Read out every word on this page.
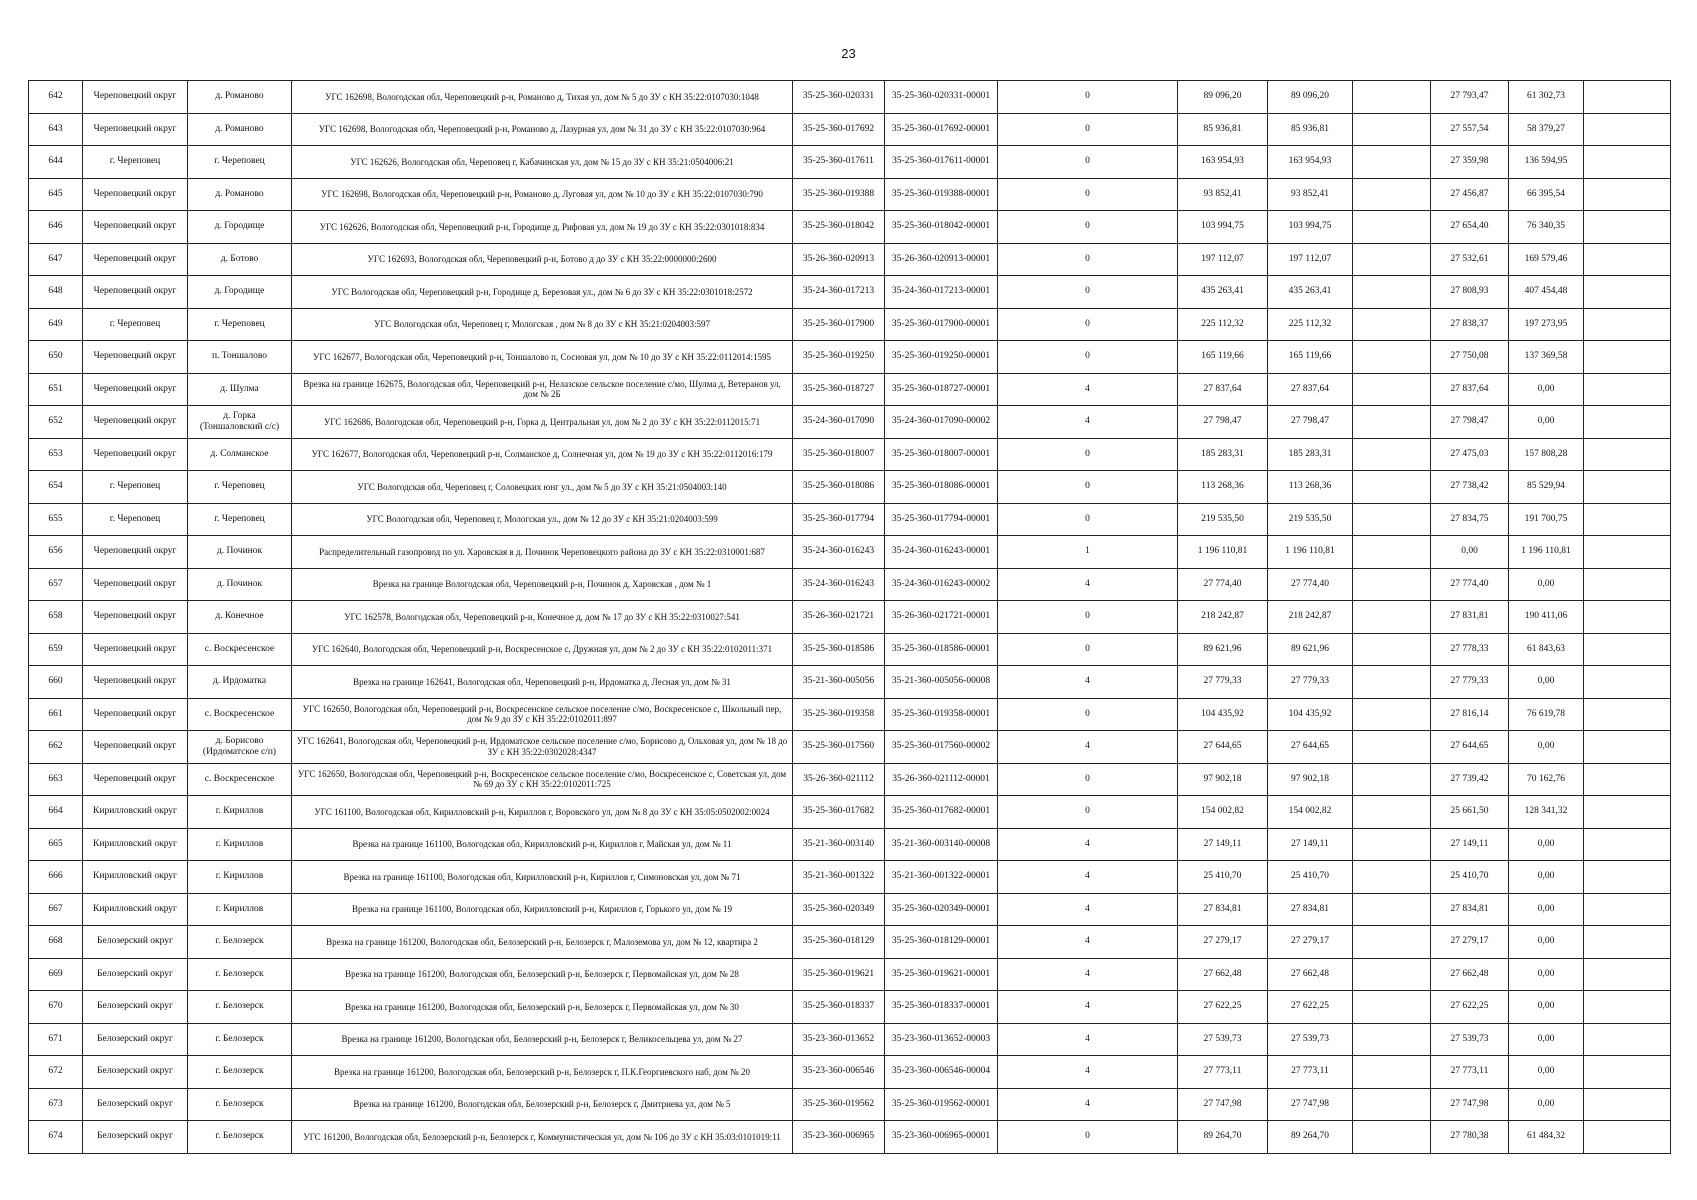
23
642	Череповецкий округ	д. Романово	УГС 162698, Вологодская обл, Череповецкий р-н, Романово д, Тихая ул, дом № 5 до ЗУ с КН 35:22:0107030:1048	35-25-360-020331	35-25-360-020331-00001	0	89 096,20	89 096,20		27 793,47	61 302,73	
643	Череповецкий округ	д. Романово	УГС 162698, Вологодская обл, Череповецкий р-н, Романово д, Лазурная ул, дом № 31 до ЗУ с КН 35:22:0107030:964	35-25-360-017692	35-25-360-017692-00001	0	85 936,81	85 936,81		27 557,54	58 379,27	
644	г. Череповец	г. Череповец	УГС 162626, Вологодская обл, Череповец г, Кабачинская ул, дом № 15 до ЗУ с КН 35:21:0504006:21	35-25-360-017611	35-25-360-017611-00001	0	163 954,93	163 954,93		27 359,98	136 594,95	
645	Череповецкий округ	д. Романово	УГС 162698, Вологодская обл, Череповецкий р-н, Романово д, Луговая ул, дом № 10 до ЗУ с КН 35:22:0107030:790	35-25-360-019388	35-25-360-019388-00001	0	93 852,41	93 852,41		27 456,87	66 395,54	
646	Череповецкий округ	д. Городище	УГС 162626, Вологодская обл, Череповецкий р-н, Городище д, Рифовая ул, дом № 19 до ЗУ с КН 35:22:0301018:834	35-25-360-018042	35-25-360-018042-00001	0	103 994,75	103 994,75		27 654,40	76 340,35	
647	Череповецкий округ	д. Ботово	УГС 162693, Вологодская обл, Череповецкий р-н, Ботово д до ЗУ с КН 35:22:0000000:2600	35-26-360-020913	35-26-360-020913-00001	0	197 112,07	197 112,07		27 532,61	169 579,46	
648	Череповецкий округ	д. Городище	УГС Вологодская обл, Череповецкий р-н, Городище д, Березовая ул., дом № 6 до ЗУ с КН 35:22:0301018:2572	35-24-360-017213	35-24-360-017213-00001	0	435 263,41	435 263,41		27 808,93	407 454,48	
649	г. Череповец	г. Череповец	УГС Вологодская обл, Череповец г, Мологская , дом № 8 до ЗУ с КН 35:21:0204003:597	35-25-360-017900	35-25-360-017900-00001	0	225 112,32	225 112,32		27 838,37	197 273,95	
650	Череповецкий округ	п. Тоншалово	УГС 162677, Вологодская обл, Череповецкий р-н, Тоншалово п, Сосновая ул, дом № 10 до ЗУ с КН 35:22:0112014:1595	35-25-360-019250	35-25-360-019250-00001	0	165 119,66	165 119,66		27 750,08	137 369,58	
651	Череповецкий округ	д. Шулма	Врезка на границе 162675, Вологодская обл, Череповецкий р-н, Нелазское сельское поселение с/мо, Шулма д, Ветеранов ул, дом № 2Б	35-25-360-018727	35-25-360-018727-00001	4	27 837,64	27 837,64		27 837,64	0,00	
652	Череповецкий округ	д. Горка (Тоншаловский с/с)	УГС 162686, Вологодская обл, Череповецкий р-н, Горка д, Центральная ул, дом № 2 до ЗУ с КН 35:22:0112015:71	35-24-360-017090	35-24-360-017090-00002	4	27 798,47	27 798,47		27 798,47	0,00	
653	Череповецкий округ	д. Солманское	УГС 162677, Вологодская обл, Череповецкий р-н, Солманское д, Солнечная ул, дом № 19 до ЗУ с КН 35:22:0112016:179	35-25-360-018007	35-25-360-018007-00001	0	185 283,31	185 283,31		27 475,03	157 808,28	
654	г. Череповец	г. Череповец	УГС Вологодская обл, Череповец г, Соловецких юнг ул., дом № 5 до ЗУ с КН 35:21:0504003:140	35-25-360-018086	35-25-360-018086-00001	0	113 268,36	113 268,36		27 738,42	85 529,94	
655	г. Череповец	г. Череповец	УГС Вологодская обл, Череповец г, Мологская ул., дом № 12 до ЗУ с КН 35:21:0204003:599	35-25-360-017794	35-25-360-017794-00001	0	219 535,50	219 535,50		27 834,75	191 700,75	
656	Череповецкий округ	д. Починок	Распределительный газопровод по ул. Харовская в д. Починок Череповецкого района до ЗУ с КН 35:22:0310001:687	35-24-360-016243	35-24-360-016243-00001	1	1 196 110,81	1 196 110,81		0,00	1 196 110,81	
657	Череповецкий округ	д. Починок	Врезка на границе Вологодская обл, Череповецкий р-н, Починок д, Харовская , дом № 1	35-24-360-016243	35-24-360-016243-00002	4	27 774,40	27 774,40		27 774,40	0,00	
658	Череповецкий округ	д. Конечное	УГС 162578, Вологодская обл, Череповецкий р-н, Конечное д, дом № 17 до ЗУ с КН 35:22:0310027:541	35-26-360-021721	35-26-360-021721-00001	0	218 242,87	218 242,87		27 831,81	190 411,06	
659	Череповецкий округ	с. Воскресенское	УГС 162640, Вологодская обл, Череповецкий р-н, Воскресенское с, Дружная ул, дом № 2 до ЗУ с КН 35:22:0102011:371	35-25-360-018586	35-25-360-018586-00001	0	89 621,96	89 621,96		27 778,33	61 843,63	
660	Череповецкий округ	д. Ирдоматка	Врезка на границе 162641, Вологодская обл, Череповецкий р-н, Ирдоматка д, Лесная ул, дом № 31	35-21-360-005056	35-21-360-005056-00008	4	27 779,33	27 779,33		27 779,33	0,00	
661	Череповецкий округ	с. Воскресенское	УГС 162650, Вологодская обл, Череповецкий р-н, Воскресенское сельское поселение с/мо, Воскресенское с, Школьный пер, дом № 9 до ЗУ с КН 35:22:0102011:897	35-25-360-019358	35-25-360-019358-00001	0	104 435,92	104 435,92		27 816,14	76 619,78	
662	Череповецкий округ	д. Борисово (Ирдоматское с/п)	УГС 162641, Вологодская обл, Череповецкий р-н, Ирдоматское сельское поселение с/мо, Борисово д, Ольховая ул, дом № 18 до ЗУ с КН 35:22:0302028:4347	35-25-360-017560	35-25-360-017560-00002	4	27 644,65	27 644,65		27 644,65	0,00	
663	Череповецкий округ	с. Воскресенское	УГС 162650, Вологодская обл, Череповецкий р-н, Воскресенское сельское поселение с/мо, Воскресенское с, Советская ул, дом № 69 до ЗУ с КН 35:22:0102011:725	35-26-360-021112	35-26-360-021112-00001	0	97 902,18	97 902,18		27 739,42	70 162,76	
664	Кирилловский округ	г. Кириллов	УГС 161100, Вологодская обл, Кирилловский р-н, Кириллов г, Воровского ул, дом № 8 до ЗУ с КН 35:05:0502002:0024	35-25-360-017682	35-25-360-017682-00001	0	154 002,82	154 002,82		25 661,50	128 341,32	
665	Кирилловский округ	г. Кириллов	Врезка на границе 161100, Вологодская обл, Кирилловский р-н, Кириллов г, Майская ул, дом № 11	35-21-360-003140	35-21-360-003140-00008	4	27 149,11	27 149,11		27 149,11	0,00	
666	Кирилловский округ	г. Кириллов	Врезка на границе 161100, Вологодская обл, Кирилловский р-н, Кириллов г, Симоновская ул, дом № 71	35-21-360-001322	35-21-360-001322-00001	4	25 410,70	25 410,70		25 410,70	0,00	
667	Кирилловский округ	г. Кириллов	Врезка на границе 161100, Вологодская обл, Кирилловский р-н, Кириллов г, Горького ул, дом № 19	35-25-360-020349	35-25-360-020349-00001	4	27 834,81	27 834,81		27 834,81	0,00	
668	Белозерский округ	г. Белозерск	Врезка на границе 161200, Вологодская обл, Белозерский р-н, Белозерск г, Малоземова ул, дом № 12, квартира 2	35-25-360-018129	35-25-360-018129-00001	4	27 279,17	27 279,17		27 279,17	0,00	
669	Белозерский округ	г. Белозерск	Врезка на границе 161200, Вологодская обл, Белозерский р-н, Белозерск г, Первомайская ул, дом № 28	35-25-360-019621	35-25-360-019621-00001	4	27 662,48	27 662,48		27 662,48	0,00	
670	Белозерский округ	г. Белозерск	Врезка на границе 161200, Вологодская обл, Белозерский р-н, Белозерск г, Первомайская ул, дом № 30	35-25-360-018337	35-25-360-018337-00001	4	27 622,25	27 622,25		27 622,25	0,00	
671	Белозерский округ	г. Белозерск	Врезка на границе 161200, Вологодская обл, Белозерский р-н, Белозерск г, Великосельцева ул, дом № 27	35-23-360-013652	35-23-360-013652-00003	4	27 539,73	27 539,73		27 539,73	0,00	
672	Белозерский округ	г. Белозерск	Врезка на границе 161200, Вологодская обл, Белозерский р-н, Белозерск г, П.К.Георгиевского наб, дом № 20	35-23-360-006546	35-23-360-006546-00004	4	27 773,11	27 773,11		27 773,11	0,00	
673	Белозерский округ	г. Белозерск	Врезка на границе 161200, Вологодская обл, Белозерский р-н, Белозерск г, Дмитриева ул, дом № 5	35-25-360-019562	35-25-360-019562-00001	4	27 747,98	27 747,98		27 747,98	0,00	
674	Белозерский округ	г. Белозерск	УГС 161200, Вологодская обл, Белозерский р-н, Белозерск г, Коммунистическая ул, дом № 106 до ЗУ с КН 35:03:0101019:11	35-23-360-006965	35-23-360-006965-00001	0	89 264,70	89 264,70		27 780,38	61 484,32	
